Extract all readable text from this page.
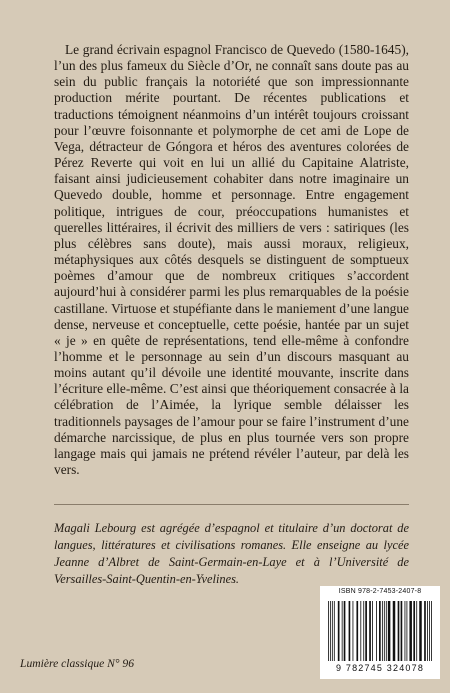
Le grand écrivain espagnol Francisco de Quevedo (1580-1645), l’un des plus fameux du Siècle d’Or, ne connaît sans doute pas au sein du public français la notoriété que son impressionnante production mérite pourtant. De récentes publications et traductions témoignent néanmoins d’un intérêt toujours croissant pour l’œuvre foisonnante et polymorphe de cet ami de Lope de Vega, détracteur de Góngora et héros des aventures colorées de Pérez Reverte qui voit en lui un allié du Capitaine Alatriste, faisant ainsi judicieusement cohabiter dans notre imaginaire un Quevedo double, homme et personnage. Entre engagement politique, intrigues de cour, préoccupations humanistes et querelles littéraires, il écrivit des milliers de vers : satiriques (les plus célèbres sans doute), mais aussi moraux, religieux, métaphysiques aux côtés desquels se distinguent de somptueux poèmes d’amour que de nombreux critiques s’accordent aujourd’hui à considérer parmi les plus remarquables de la poésie castillane. Virtuose et stupéfiante dans le maniement d’une langue dense, nerveuse et conceptuelle, cette poésie, hantée par un sujet « je » en quête de représentations, tend elle-même à confondre l’homme et le personnage au sein d’un discours masquant au moins autant qu’il dévoile une identité mouvante, inscrite dans l’écriture elle-même. C’est ainsi que théoriquement consacrée à la célébration de l’Aimée, la lyrique semble délaisser les traditionnels paysages de l’amour pour se faire l’instrument d’une démarche narcissique, de plus en plus tournée vers son propre langage mais qui jamais ne prétend révéler l’auteur, par delà les vers.

Magali Lebourg est agrégée d’espagnol et titulaire d’un doctorat de langues, littératures et civilisations romanes. Elle enseigne au lycée Jeanne d’Albret de Saint-Germain-en-Laye et à l’Université de Versailles-Saint-Quentin-en-Yvelines.

Lumière classique N° 96
ISBN 978-2-7453-2407-8
9 782745 324078
